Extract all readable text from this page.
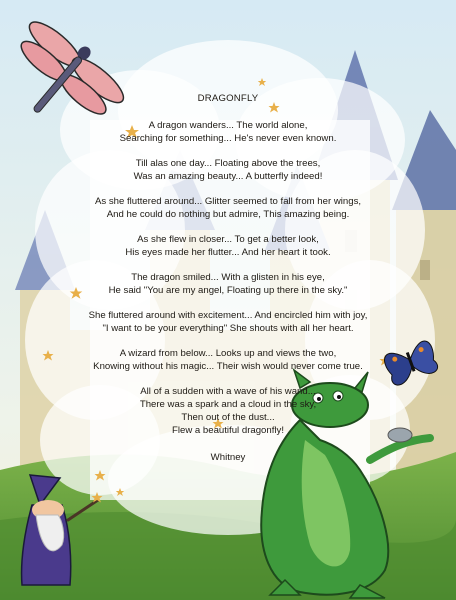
DRAGONFLY
A dragon wanders... The world alone,
Searching for something... He's never even known.
Till alas one day... Floating above the trees,
Was an amazing beauty... A butterfly indeed!
As she fluttered around... Glitter seemed to fall from her wings,
And he could do nothing but admire, This amazing being.
As she flew in closer... To get a better look,
His eyes made her flutter... And her heart it took.
The dragon smiled... With a glisten in his eye,
He said "You are my angel, Floating up there in the sky."
She fluttered around with excitement... And encircled him with joy,
"I want to be your everything" She shouts with all her heart.
A wizard from below... Looks up and views the two,
Knowing without his magic... Their wish would never come true.
All of a sudden with a wave of his wand...
There was a spark and a cloud in the sky,
Then out of the dust...
Flew a beautiful dragonfly!
Whitney
